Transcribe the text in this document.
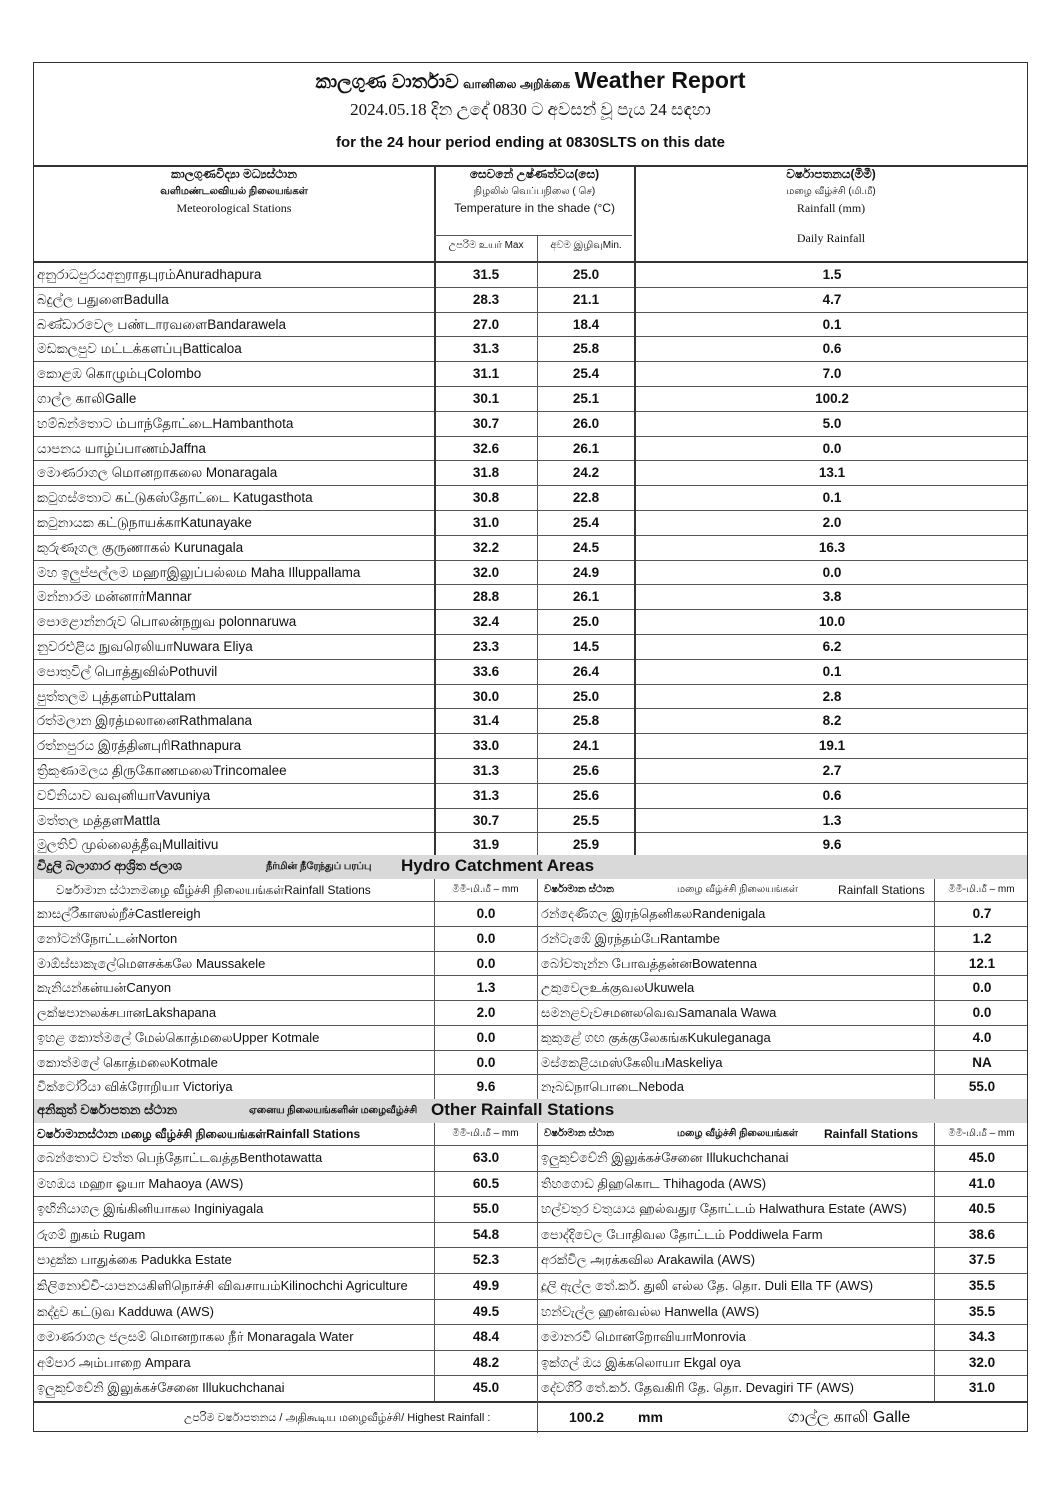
කාලගුණ වාර්තාව வானிலை அறிக்கை Weather Report
2024.05.18 දින උදේ 0830 ට අවසන් වූ පැය 24 සඳහා
for the 24 hour period ending at 0830SLTS on this date
කාලගුණවිද්‍යා මධ්‍යස්ථාන
வளிமண்டலவியல் நிலையங்கள்
Meteorological Stations
සෙවනේ උෂ්ණත්වය(සෙ)
நிழலில் வெப்பநிலை ( செ)
Temperature in the shade (°C)
උපරිම‍ உயர் Max	අවම இழிவுMin.
වර්ෂාපතනය(මිමී)
மழை வீழ்ச்சி (மி.மீ)
Rainfall (mm)
Daily Rainfall
අනුරාධපුරයඅනුராதபுரம்Anuradhapura	31.5	25.0	1.5
බදුල්ල பதுளைBadulla	28.3	21.1	4.7
බණ්ඩාරවෙල பண்டாரவளைBandarawela	27.0	18.4	0.1
මඩකලපුව மட்டக்களப்புBatticaloa	31.3	25.8	0.6
කොළඹ கொழும்புColombo	31.1	25.4	7.0
ගාල්ල காலிGalle	30.1	25.1	100.2
හම්බන්තොට ம்பாந்தோட்டைHambanthota	30.7	26.0	5.0
යාපනය யாழ்ப்பாணம்Jaffna	32.6	26.1	0.0
මොණරාගල மொனறாகலை Monaragala	31.8	24.2	13.1
කටුගස්තොට கட்டுகஸ்தோட்டை Katugasthota	30.8	22.8	0.1
කටුනායක கட்டுநாயக்காKatunayake	31.0	25.4	2.0
කුරුණෑගල குருணாகல் Kurunagala	32.2	24.5	16.3
මහ ඉලුප්පල්ලම மஹாஇலுப்பல்லம Maha Illuppallama	32.0	24.9	0.0
මන්නාරම மன்னார்Mannar	28.8	26.1	3.8
පොළොන්නරුව பொலன்நறுவ polonnaruwa	32.4	25.0	10.0
නුවරඑළිය நுவரெலியாNuwara Eliya	23.3	14.5	6.2
පොතුවිල් பொத்துவில்Pothuvil	33.6	26.4	0.1
පුත්තලම புத்தளம்Puttalam	30.0	25.0	2.8
රත්මලාන இரத்மலானைRathmalana	31.4	25.8	8.2
රත්නපුරය இரத்தினபுரிRathnapura	33.0	24.1	19.1
ත්‍රිකුණාමලය திருகோணமலைTrincomalee	31.3	25.6	2.7
වව්නියාව வவுனியாVavuniya	31.3	25.6	0.6
මත්තල மத்தளMattla	30.7	25.5	1.3
මුලතිව් முல்லைத்தீவுMullaitivu	31.9	25.9	9.6
විදුලි බලාගාර ආශ්‍රිත ජලාශ	நீர்மின் நீரேந்துப் பரப்பு Hydro Catchment Areas
වර්ෂාමාන ස්ථානමழை வீழ்ச்சி நிலையங்கள்Rainfall Stations	මිමී-மி.மீ – mm	වර්ෂාමාන ස්ථාන	மழை வீழ்ச்சி நிலையங்கள்	Rainfall Stations	මිමී-மி.மீ – mm
කාසල්රීகாஸல்றீச்Castlereigh	0.0	රන්දෙණිගල இரந்தெனிகலRandenigala	0.7
නෝටන්நோட்டன்Norton	0.0	රන්ටැඹේ இரந்தம்பேRantambe	1.2
මාඕස්සාකැලේமௌசக்கலே Maussakele	0.0	බෝවතැන්න போவத்தன்னBowatenna	12.1
කැනියන්கன்யன்Canyon	1.3	උකුවෙලஉக்குவலUkuwela	0.0
ලක්ෂපානலக்சபானLakshapana	2.0	සමනළවැවசமனலவெவSamanala Wawa	0.0
ඉහළ කොත්මලේ மேல்கொத்மலைUpper Kotmale	0.0	කුකුළේ ගඟ குக்குலேகங்கKukuleganaga	4.0
කොත්මලේ கொத்மலைKotmale	0.0	මස්කෙළියமஸ்கேலியMaskeliya	NA
වික්ටෝරියා விக்ரோறியா Victoriya	9.6	නෑබඩநாபொடைNeboda	55.0
අනිකුත් වර්ෂාපතන ස්ථාන	ஏனைய நிலையங்களின் மழைவீழ்ச்சி Other Rainfall Stations
වර්ෂාමානස්ථාන மழை வீழ்ச்சி நிலையங்கள்Rainfall Stations	මිමී-மி.மீ – mm	වර්ෂාමාන ස්ථාන	மழை வீழ்ச்சி நிலையங்கள் Rainfall Stations	මිමී-மி.மீ – mm
බෙන්තොට වත්ත பெந்தோட்டவத்தBenthotawatta	63.0	ඉලුකුච්චේනි இலுக்கச்சேனை Illukuchchanai	45.0
මහඔය மஹா ஓயா Mahaoya (AWS)	60.5	තිහගොඩ திஹகொட Thihagoda (AWS)	41.0
ඉඟිනියාගල இங்கினியாகல Inginiyagala	55.0	හල්වතුර වතුයාය ஹல்வதுர தோட்டம் Halwathura Estate (AWS)	40.5
රුගම් றுகம் Rugam	54.8	පොද්දිවෙල போதிவல தோட்டம் Poddiwela Farm	38.6
පාදුක්ක பாதுக்கை Padukka Estate	52.3	අරක්විල அரக்கவில Arakawila (AWS)	37.5
කිලිනොච්චි-යාපනයகிளிநொச்சி விவசாயம்Kilinochchi Agriculture	49.9	දූලි ඇල්ල තේ.කර්. துலி எல்ல தே. தொ. Duli Ella TF (AWS)	35.5
කද්දුව கட்டுவ Kadduwa (AWS)	49.5	හන්වැල්ල ஹன்வல்ல Hanwella (AWS)	35.5
මොණරාගල ජලසම් மொனறாகல நீர் Monaragala Water	48.4	මොනරවි மொனறோவியாMonrovia	34.3
අම්පාර அம்பாறை Ampara	48.2	ඉක්ගල් ඔය இக்கலொயா Ekgal oya	32.0
ඉලුකුච්චේනි இலுக்கச்சேனை Illukuchchanai	45.0	දේවගිරි තේ.කර්. தேவகிரி தே. தொ. Devagiri TF (AWS)	31.0
උපරිම වර්ෂාපතනය / அதிகூடிய மழைவீழ்ச்சி/ Highest Rainfall :	100.2 mm	ගාල්ල காலி Galle
